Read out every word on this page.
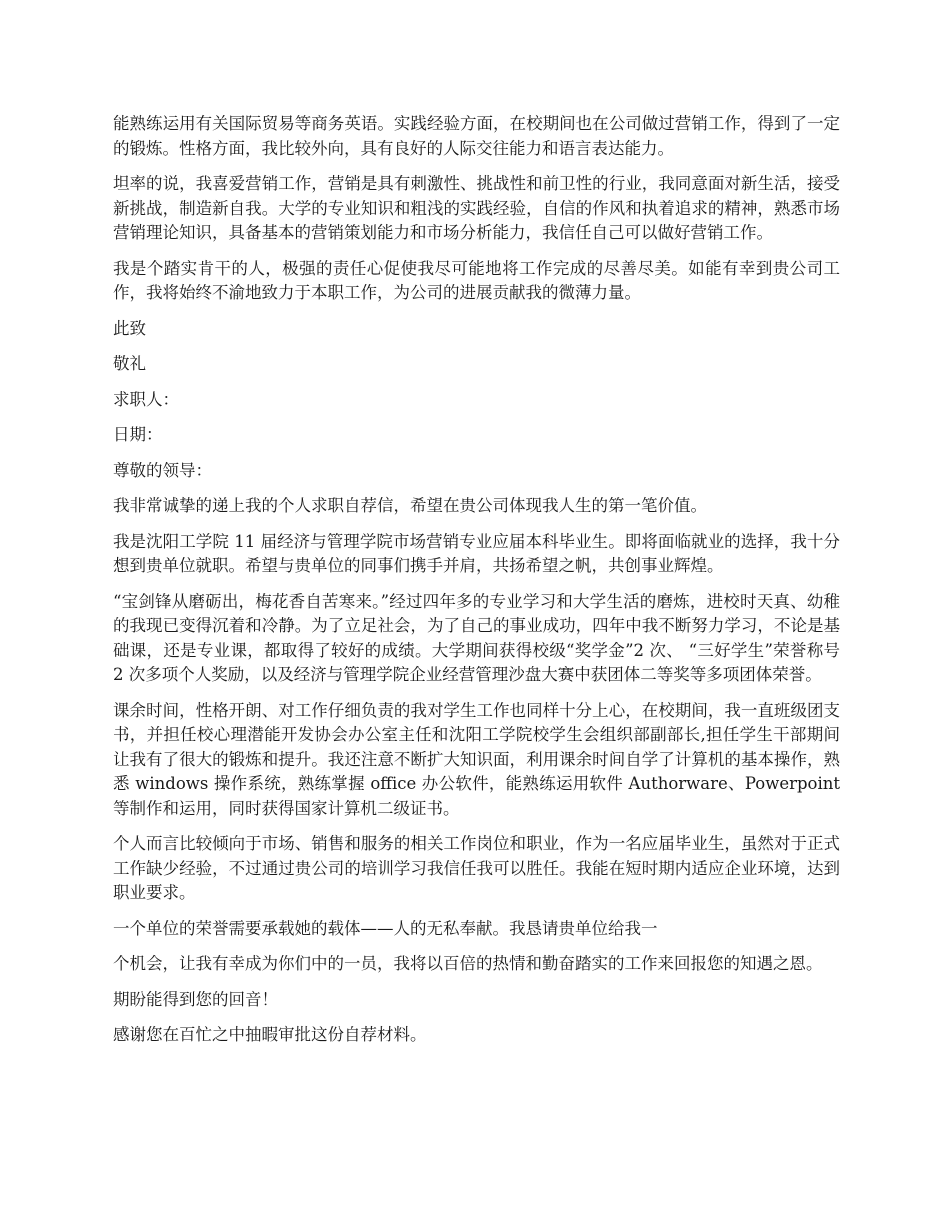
能熟练运用有关国际贸易等商务英语。实践经验方面，在校期间也在公司做过营销工作，得到了一定的锻炼。性格方面，我比较外向，具有良好的人际交往能力和语言表达能力。

坦率的说，我喜爱营销工作，营销是具有刺激性、挑战性和前卫性的行业，我同意面对新生活，接受新挑战，制造新自我。大学的专业知识和粗浅的实践经验，自信的作风和执着追求的精神，熟悉市场营销理论知识，具备基本的营销策划能力和市场分析能力，我信任自己可以做好营销工作。

我是个踏实肯干的人，极强的责任心促使我尽可能地将工作完成的尽善尽美。如能有幸到贵公司工作，我将始终不渝地致力于本职工作，为公司的进展贡献我的微薄力量。

此致

敬礼

求职人：

日期：

尊敬的领导：

我非常诚挚的递上我的个人求职自荐信，希望在贵公司体现我人生的第一笔价值。

我是沈阳工学院 11 届经济与管理学院市场营销专业应届本科毕业生。即将面临就业的选择，我十分想到贵单位就职。希望与贵单位的同事们携手并肩，共扬希望之帆，共创事业辉煌。

“宝剑锋从磨砺出，梅花香自苦寒来。”经过四年多的专业学习和大学生活的磨炼，进校时天真、幼稚的我现已变得沉着和冷静。为了立足社会，为了自己的事业成功，四年中我不断努力学习，不论是基础课，还是专业课，都取得了较好的成绩。大学期间获得校级“奖学金”2 次、 “三好学生”荣誉称号 2 次多项个人奖励，以及经济与管理学院企业经营管理沙盘大赛中获团体二等奖等多项团体荣誉。

课余时间，性格开朗、对工作仔细负责的我对学生工作也同样十分上心，在校期间，我一直班级团支书，并担任校心理潜能开发协会办公室主任和沈阳工学院校学生会组织部副部长,担任学生干部期间让我有了很大的锻炼和提升。我还注意不断扩大知识面，利用课余时间自学了计算机的基本操作，熟悉 windows 操作系统，熟练掌握 office 办公软件，能熟练运用软件 Authorware、Powerpoint 等制作和运用，同时获得国家计算机二级证书。

个人而言比较倾向于市场、销售和服务的相关工作岗位和职业，作为一名应届毕业生，虽然对于正式工作缺少经验，不过通过贵公司的培训学习我信任我可以胜任。我能在短时期内适应企业环境，达到职业要求。

一个单位的荣誉需要承载她的载体——人的无私奉献。我恳请贵单位给我一

个机会，让我有幸成为你们中的一员，我将以百倍的热情和勤奋踏实的工作来回报您的知遇之恩。

期盼能得到您的回音！

感谢您在百忙之中抽暇审批这份自荐材料。
